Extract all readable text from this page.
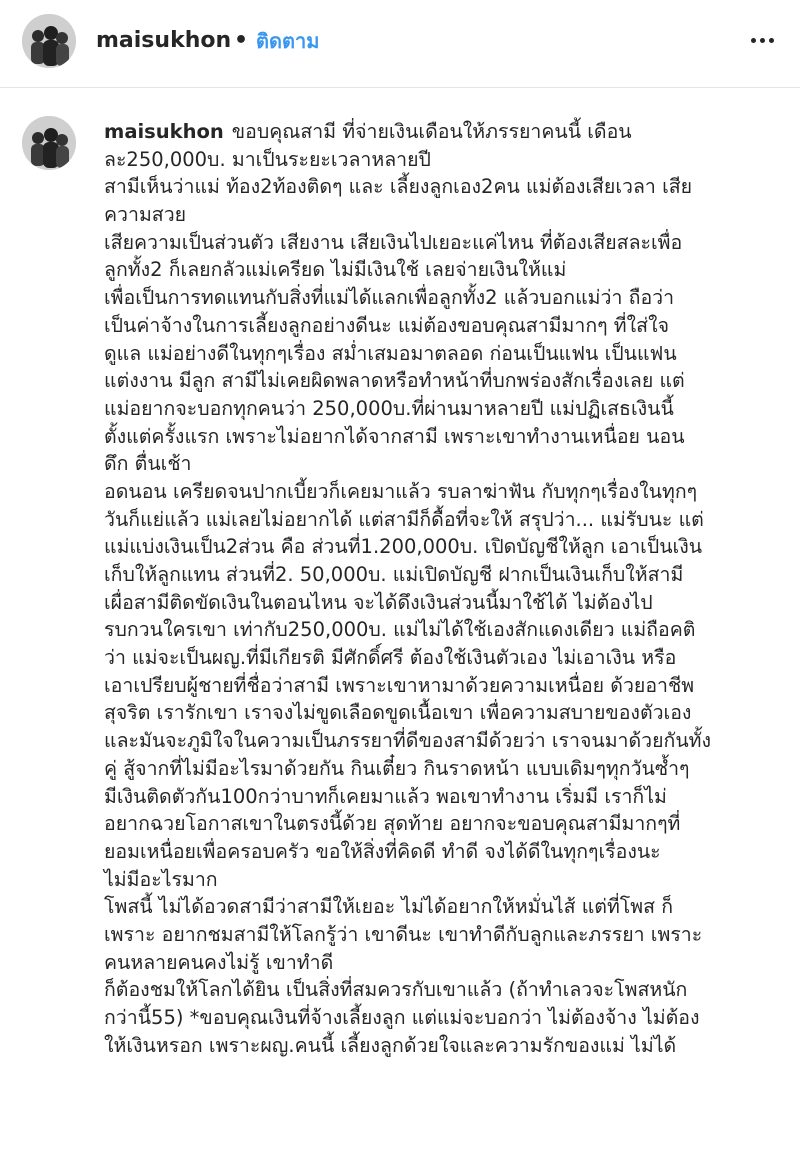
maisukhon • ติดตาม
maisukhon ขอบคุณสามี ที่จ่ายเงินเดือนให้ภรรยาคนนี้ เดือน
ละ250,000บ. มาเป็นระยะเวลาหลายปี
สามีเห็นว่าแม่ ท้อง2ท้องติดๆ และ เลี้ยงลูกเอง2คน แม่ต้องเสียเวลา เสีย
ความสวย
เสียความเป็นส่วนตัว เสียงาน เสียเงินไปเยอะแค่ไหน ที่ต้องเสียสละเพื่อ
ลูกทั้ง2 ก็เลยกลัวแม่เครียด ไม่มีเงินใช้ เลยจ่ายเงินให้แม่
เพื่อเป็นการทดแทนกับสิ่งที่แม่ได้แลกเพื่อลูกทั้ง2 แล้วบอกแม่ว่า ถือว่า
เป็นค่าจ้างในการเลี้ยงลูกอย่างดีนะ แม่ต้องขอบคุณสามีมากๆ ที่ใส่ใจ
ดูแล แม่อย่างดีในทุกๆเรื่อง สม่ำเสมอมาตลอด ก่อนเป็นแฟน เป็นแฟน
แต่งงาน มีลูก สามีไม่เคยผิดพลาดหรือทำหน้าที่บกพร่องสักเรื่องเลย แต่
แม่อยากจะบอกทุกคนว่า 250,000บ.ที่ผ่านมาหลายปี แม่ปฏิเสธเงินนี้
ตั้งแต่ครั้งแรก เพราะไม่อยากได้จากสามี เพราะเขาทำงานเหนื่อย นอน
ดึก ตื่นเช้า
อดนอน เครียดจนปากเบี้ยวก็เคยมาแล้ว รบลาฆ่าฟัน กับทุกๆเรื่องในทุกๆ
วันก็แย่แล้ว แม่เลยไม่อยากได้ แต่สามีก็ดื้อที่จะให้ สรุปว่า... แม่รับนะ แต่
แม่แบ่งเงินเป็น2ส่วน คือ ส่วนที่1.200,000บ. เปิดบัญชีให้ลูก เอาเป็นเงิน
เก็บให้ลูกแทน ส่วนที่2. 50,000บ. แม่เปิดบัญชี ฝากเป็นเงินเก็บให้สามี
เผื่อสามีติดขัดเงินในตอนไหน จะได้ดึงเงินส่วนนี้มาใช้ได้ ไม่ต้องไป
รบกวนใครเขา เท่ากับ250,000บ. แม่ไม่ได้ใช้เองสักแดงเดียว แม่ถือคติ
ว่า แม่จะเป็นผญ.ที่มีเกียรติ มีศักดิ์ศรี ต้องใช้เงินตัวเอง ไม่เอาเงิน หรือ
เอาเปรียบผู้ชายที่ชื่อว่าสามี เพราะเขาหามาด้วยความเหนื่อย ด้วยอาชีพ
สุจริต เรารักเขา เราจงไม่ขูดเลือดขูดเนื้อเขา เพื่อความสบายของตัวเอง
และมันจะภูมิใจในความเป็นภรรยาที่ดีของสามีด้วยว่า เราจนมาด้วยกันทั้ง
คู่ สู้จากที่ไม่มีอะไรมาด้วยกัน กินเตี๋ยว กินราดหน้า แบบเดิมๆทุกวันซ้ำๆ
มีเงินติดตัวกัน100กว่าบาทก็เคยมาแล้ว พอเขาทำงาน เริ่มมี เราก็ไม่
อยากฉวยโอกาสเขาในตรงนี้ด้วย สุดท้าย อยากจะขอบคุณสามีมากๆที่
ยอมเหนื่อยเพื่อครอบครัว ขอให้สิ่งที่คิดดี ทำดี จงได้ดีในทุกๆเรื่องนะ
ไม่มีอะไรมาก
โพสนี้ ไม่ได้อวดสามีว่าสามีให้เยอะ ไม่ได้อยากให้หมั่นไส้ แต่ที่โพส ก็
เพราะ อยากชมสามีให้โลกรู้ว่า เขาดีนะ เขาทำดีกับลูกและภรรยา เพราะ
คนหลายคนคงไม่รู้ เขาทำดี
ก็ต้องชมให้โลกได้ยิน เป็นสิ่งที่สมควรกับเขาแล้ว (ถ้าทำเลวจะโพสหนัก
กว่านี้55) *ขอบคุณเงินที่จ้างเลี้ยงลูก แต่แม่จะบอกว่า ไม่ต้องจ้าง ไม่ต้อง
ให้เงินหรอก เพราะผญ.คนนี้ เลี้ยงลูกด้วยใจและความรักของแม่ ไม่ได้
